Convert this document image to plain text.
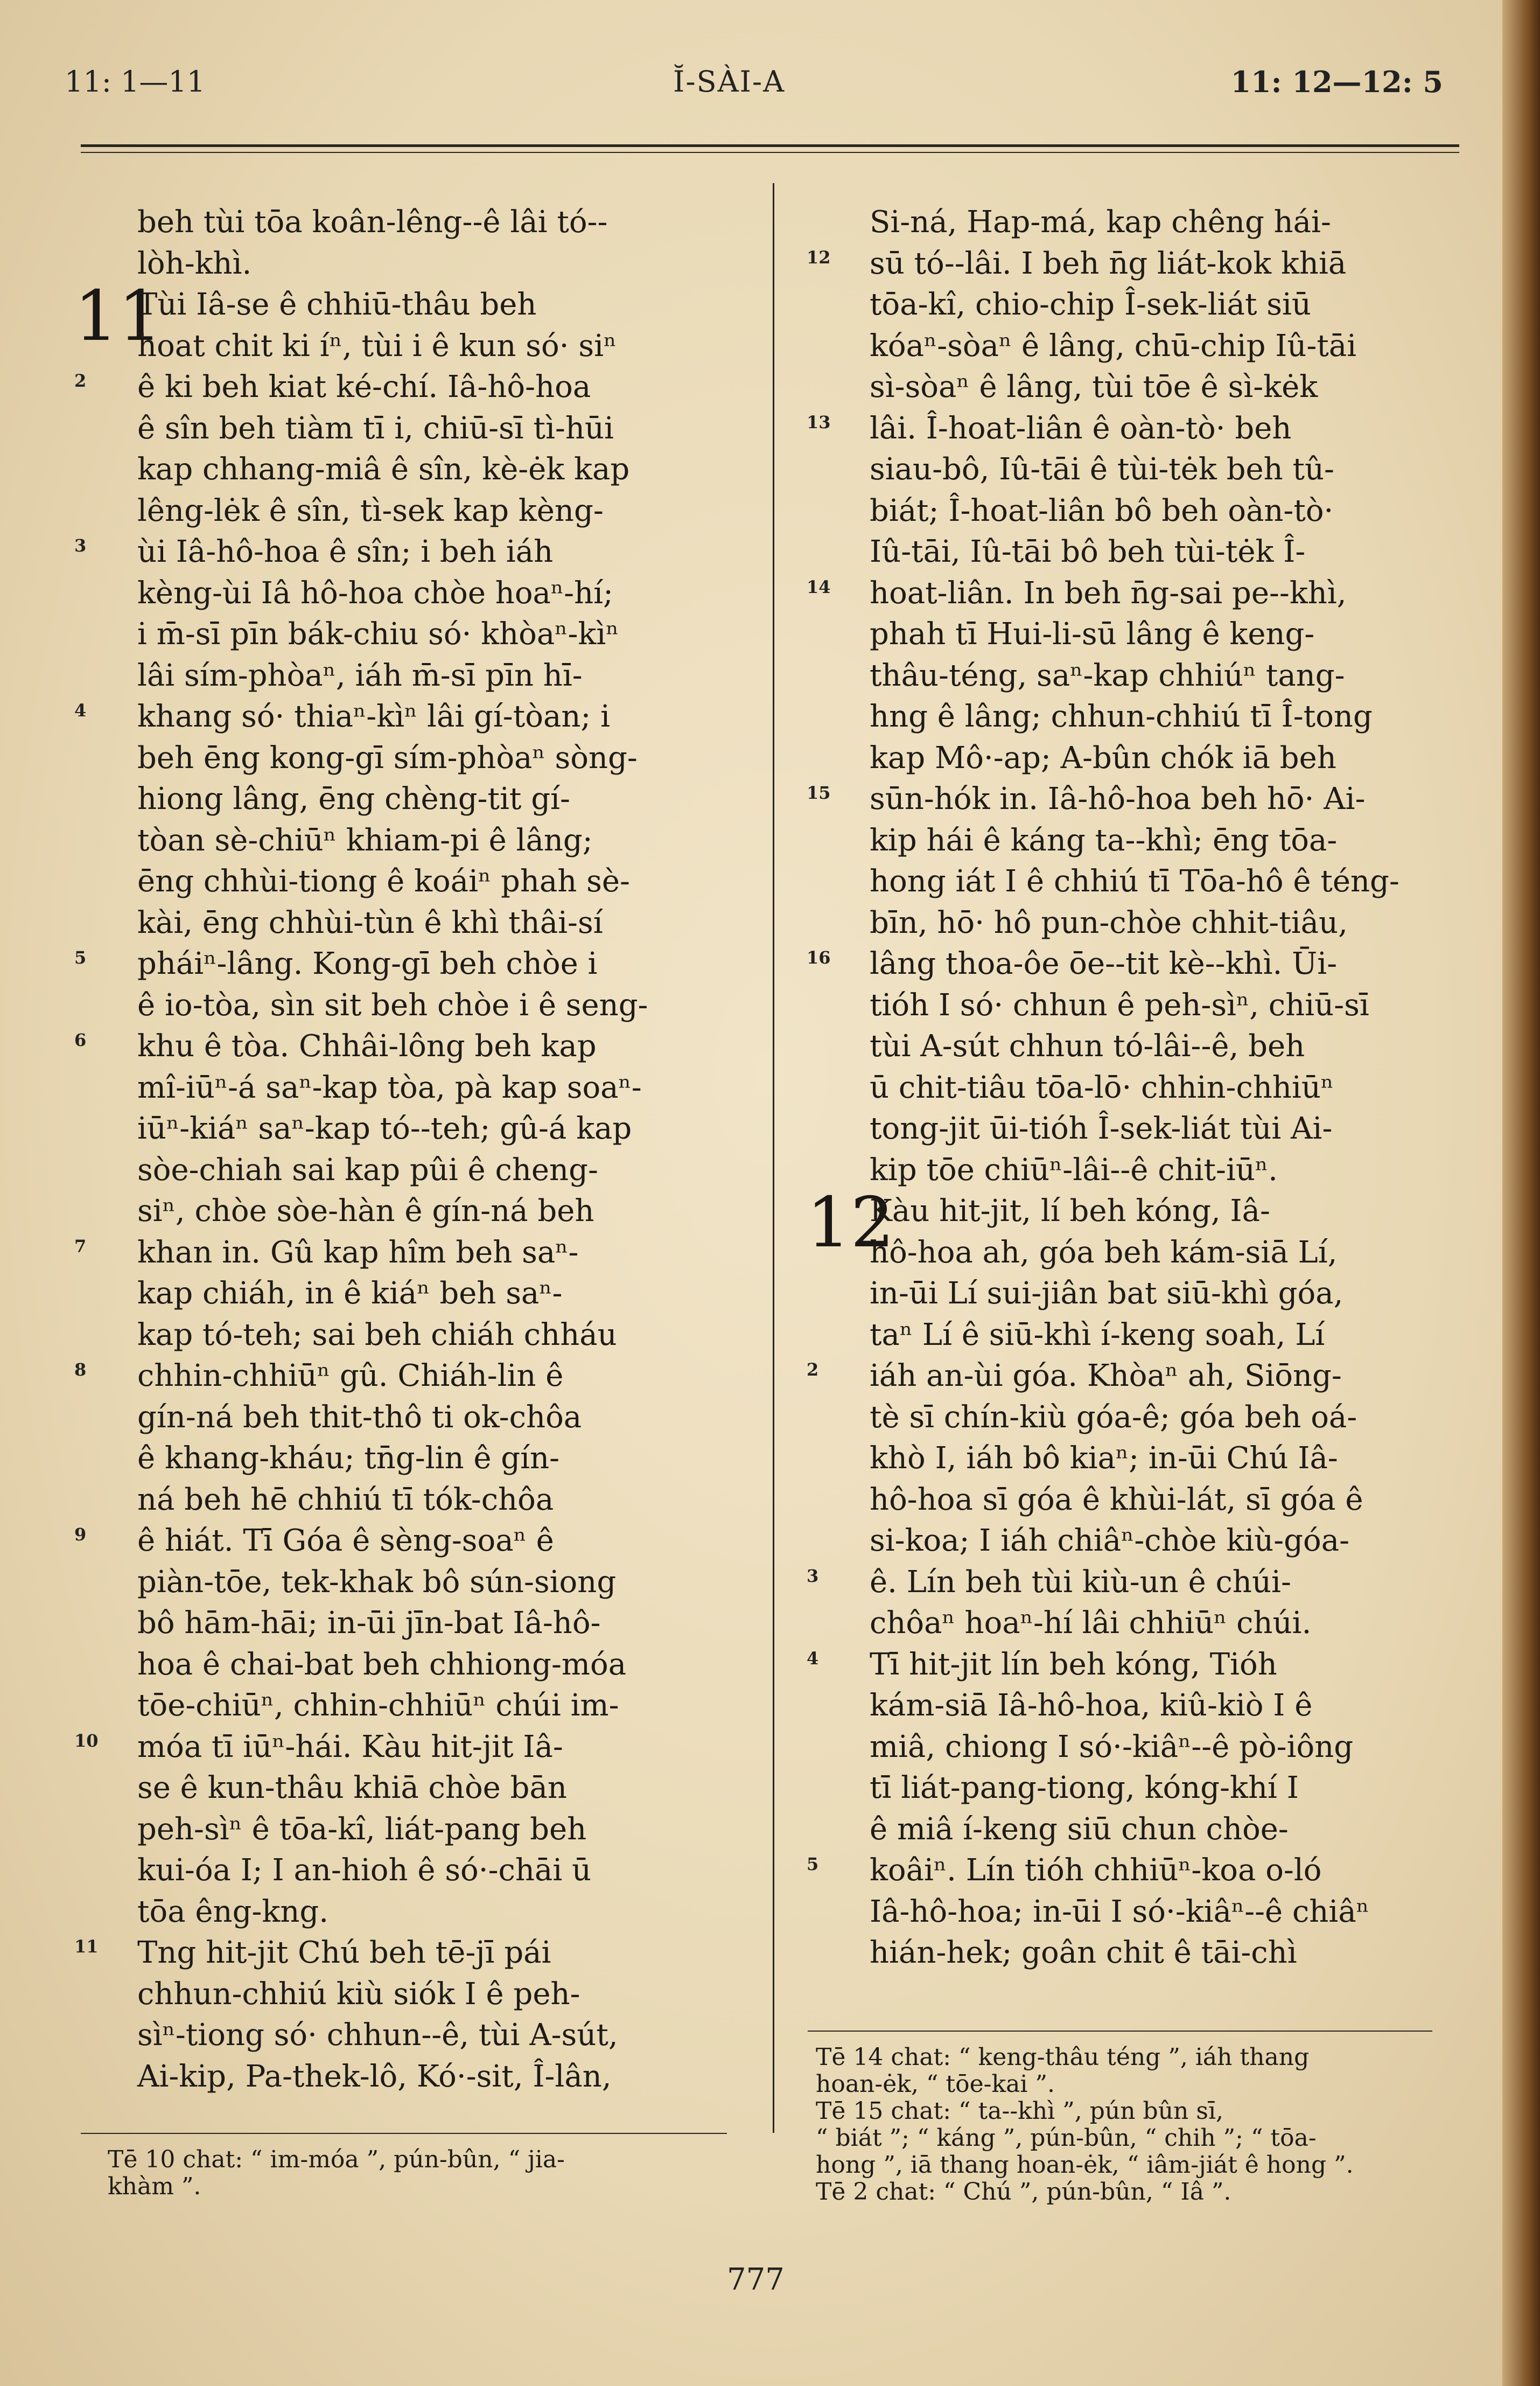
11: 1—11	Ĭ-SÀI-A	11: 12—12: 5
beh tùi tōa koân-lêng--ê lâi tó--
lòh-khì.
11
Tùi Iâ-se ê chhiū-thâu beh
hoat chit ki íⁿ, tùi i ê kun só· siⁿ
2 ê ki beh kiat ké-chí. Iâ-hô-hoa
ê sîn beh tiàm tī i, chiū-sī tì-hūi
kap chhang-miâ ê sîn, kè-ėk kap
lêng-lėk ê sîn, tì-sek kap kèng-
3 ùi Iâ-hô-hoa ê sîn; i beh iáh
kèng-ùi Iâ hô-hoa chòe hoaⁿ-hí;
i m̄-sī pīn bák-chiu só· khòaⁿ-kìⁿ
lâi sím-phòaⁿ, iáh m̄-sī pīn hī-
4 khang só· thiaⁿ-kìⁿ lâi gí-tòan; i
beh ēng kong-gī sím-phòaⁿ sòng-
hiong lâng, ēng chèng-tit gí-
tòan sè-chiūⁿ khiam-pi ê lâng;
ēng chhùi-tiong ê koáiⁿ phah sè-
kài, ēng chhùi-tùn ê khì thâi-sí
5 pháiⁿ-lâng. Kong-gī beh chòe i
ê io-tòa, sìn sit beh chòe i ê seng-
6 khu ê tòa. Chhâi-lông beh kap
mî-iūⁿ-á saⁿ-kap tòa, pà kap soaⁿ-
iūⁿ-kiáⁿ saⁿ-kap tó--teh; gû-á kap
sòe-chiah sai kap pûi ê cheng-
siⁿ, chòe sòe-hàn ê gín-ná beh
7 khan in. Gû kap hîm beh saⁿ-
kap chiáh, in ê kiáⁿ beh saⁿ-
kap tó-teh; sai beh chiáh chháu
8 chhin-chhiūⁿ gû. Chiáh-lin ê
gín-ná beh thit-thô ti ok-chôa
ê khang-kháu; tn̄g-lin ê gín-
ná beh hē chhiú tī tók-chôa
9 ê hiát. Tī Góa ê sèng-soaⁿ ê
piàn-tōe, tek-khak bô sún-siong
bô hām-hāi; in-ūi jīn-bat Iâ-hô-
hoa ê chai-bat beh chhiong-móa
tōe-chiūⁿ, chhin-chhiūⁿ chúi im-
10 móa tī iūⁿ-hái. Kàu hit-jit Iâ-
se ê kun-thâu khiā chòe bān
peh-sìⁿ ê tōa-kî, liát-pang beh
kui-óa I; I an-hioh ê só·-chāi ū
tōa êng-kng.
11 Tng hit-jit Chú beh tē-jī pái
chhun-chhiú kiù siók I ê peh-
sìⁿ-tiong só· chhun--ê, tùi A-sút,
Ai-kip, Pa-thek-lô, Kó·-sit, Î-lân,
Si-ná, Hap-má, kap chêng hái-
12 sū tó--lâi. I beh n̄g liát-kok khiā
tōa-kî, chio-chip Î-sek-liát siū
kóaⁿ-sòaⁿ ê lâng, chū-chip Iû-tāi
sì-sòaⁿ ê lâng, tùi tōe ê sì-kėk
13 lâi. Î-hoat-liân ê oàn-tò· beh
siau-bô, Iû-tāi ê tùi-tėk beh tû-
biát; Î-hoat-liân bô beh oàn-tò·
Iû-tāi, Iû-tāi bô beh tùi-tėk Î-
14 hoat-liân. In beh n̄g-sai pe--khì,
phah tī Hui-li-sū lâng ê keng-
thâu-téng, saⁿ-kap chhiúⁿ tang-
hng ê lâng; chhun-chhiú tī Î-tong
kap Mô·-ap; A-bûn chók iā beh
15 sūn-hók in. Iâ-hô-hoa beh hō· Ai-
kip hái ê káng ta--khì; ēng tōa-
hong iát I ê chhiú tī Tōa-hô ê téng-
bīn, hō· hô pun-chòe chhit-tiâu,
16 lâng thoa-ôe ōe--tit kè--khì. Ūi-
tióh I só· chhun ê peh-sìⁿ, chiū-sī
tùi A-sút chhun tó-lâi--ê, beh
ū chit-tiâu tōa-lō· chhin-chhiūⁿ
tong-jit ūi-tióh Î-sek-liát tùi Ai-
kip tōe chiūⁿ-lâi--ê chit-iūⁿ.
12
Kàu hit-jit, lí beh kóng, Iâ-
hô-hoa ah, góa beh kám-siā Lí,
in-ūi Lí sui-jiân bat siū-khì góa,
taⁿ Lí ê siū-khì í-keng soah, Lí
2 iáh an-ùi góa. Khòaⁿ ah, Siōng-
tè sī chín-kiù góa-ê; góa beh oá-
khò I, iáh bô kiaⁿ; in-ūi Chú Iâ-
hô-hoa sī góa ê khùi-lát, sī góa ê
si-koa; I iáh chiâⁿ-chòe kiù-góa-
3 ê. Lín beh tùi kiù-un ê chúi-
chôaⁿ hoaⁿ-hí lâi chhiūⁿ chúi.
4 Tī hit-jit lín beh kóng, Tióh
kám-siā Iâ-hô-hoa, kiû-kiò I ê
miâ, chiong I só·-kiâⁿ--ê pò-iông
tī liát-pang-tiong, kóng-khí I
ê miâ í-keng siū chun chòe-
5 koâiⁿ. Lín tióh chhiūⁿ-koa o-ló
Iâ-hô-hoa; in-ūi I só·-kiâⁿ--ê chiâⁿ
hián-hek; goân chit ê tāi-chì
Tē 10 chat: “ im-móa ”, pún-bûn, “ jia-
khàm ”.
Tē 14 chat: “ keng-thâu téng ”, iáh thang
hoan-ėk, “ tōe-kai ”.
Tē 15 chat: “ ta--khì ”, pún bûn sī,
“ biát ”; “ káng ”, pún-bûn, “ chih ”; “ tōa-
hong ”, iā thang hoan-ėk, “ iâm-jiát ê hong ”.
Tē 2 chat: “ Chú ”, pún-bûn, “ Iâ ”.
777
